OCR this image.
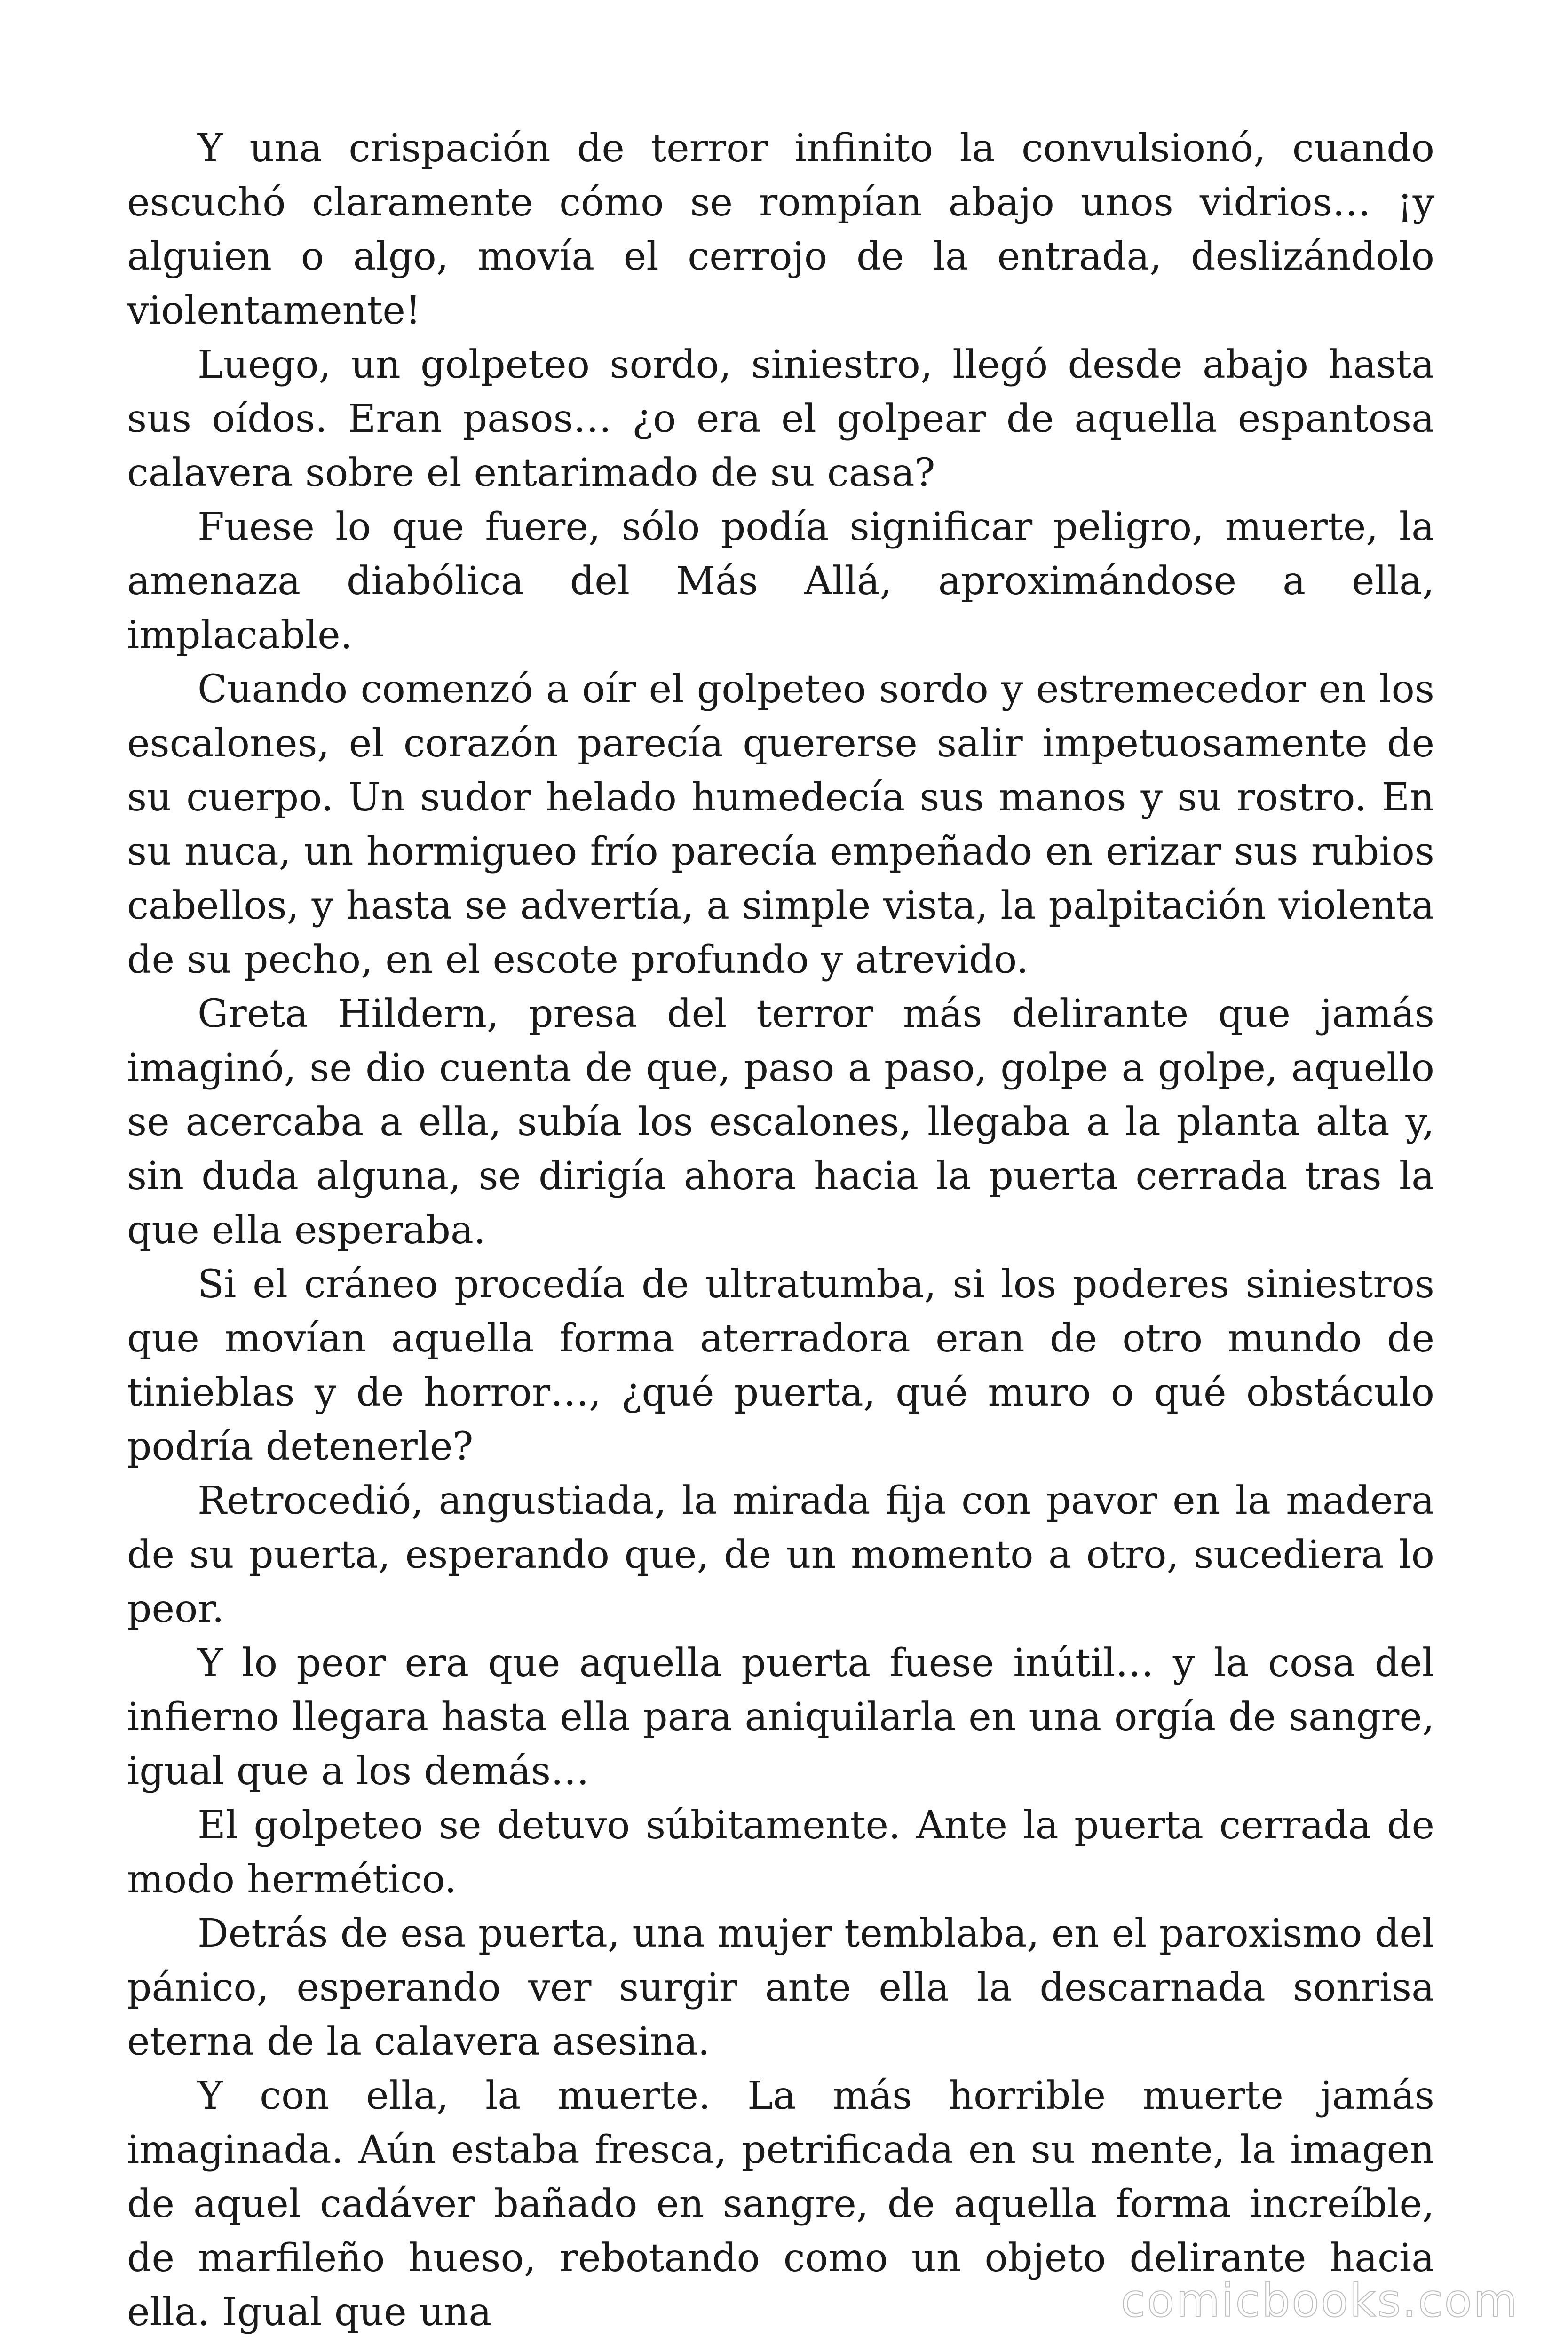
Y una crispación de terror infinito la convulsionó, cuando escuchó claramente cómo se rompían abajo unos vidrios… ¡y alguien o algo, movía el cerrojo de la entrada, deslizándolo violentamente!

Luego, un golpeteo sordo, siniestro, llegó desde abajo hasta sus oídos. Eran pasos… ¿o era el golpear de aquella espantosa calavera sobre el entarimado de su casa?

Fuese lo que fuere, sólo podía significar peligro, muerte, la amenaza diabólica del Más Allá, aproximándose a ella, implacable.

Cuando comenzó a oír el golpeteo sordo y estremecedor en los escalones, el corazón parecía quererse salir impetuosamente de su cuerpo. Un sudor helado humedecía sus manos y su rostro. En su nuca, un hormigueo frío parecía empeñado en erizar sus rubios cabellos, y hasta se advertía, a simple vista, la palpitación violenta de su pecho, en el escote profundo y atrevido.

Greta Hildern, presa del terror más delirante que jamás imaginó, se dio cuenta de que, paso a paso, golpe a golpe, aquello se acercaba a ella, subía los escalones, llegaba a la planta alta y, sin duda alguna, se dirigía ahora hacia la puerta cerrada tras la que ella esperaba.

Si el cráneo procedía de ultratumba, si los poderes siniestros que movían aquella forma aterradora eran de otro mundo de tinieblas y de horror…, ¿qué puerta, qué muro o qué obstáculo podría detenerle?

Retrocedió, angustiada, la mirada fija con pavor en la madera de su puerta, esperando que, de un momento a otro, sucediera lo peor.

Y lo peor era que aquella puerta fuese inútil… y la cosa del infierno llegara hasta ella para aniquilarla en una orgía de sangre, igual que a los demás…

El golpeteo se detuvo súbitamente. Ante la puerta cerrada de modo hermético.

Detrás de esa puerta, una mujer temblaba, en el paroxismo del pánico, esperando ver surgir ante ella la descarnada sonrisa eterna de la calavera asesina.

Y con ella, la muerte. La más horrible muerte jamás imaginada. Aún estaba fresca, petrificada en su mente, la imagen de aquel cadáver bañado en sangre, de aquella forma increíble, de marfileño hueso, rebotando como un objeto delirante hacia ella. Igual que una	comicbooks.com
